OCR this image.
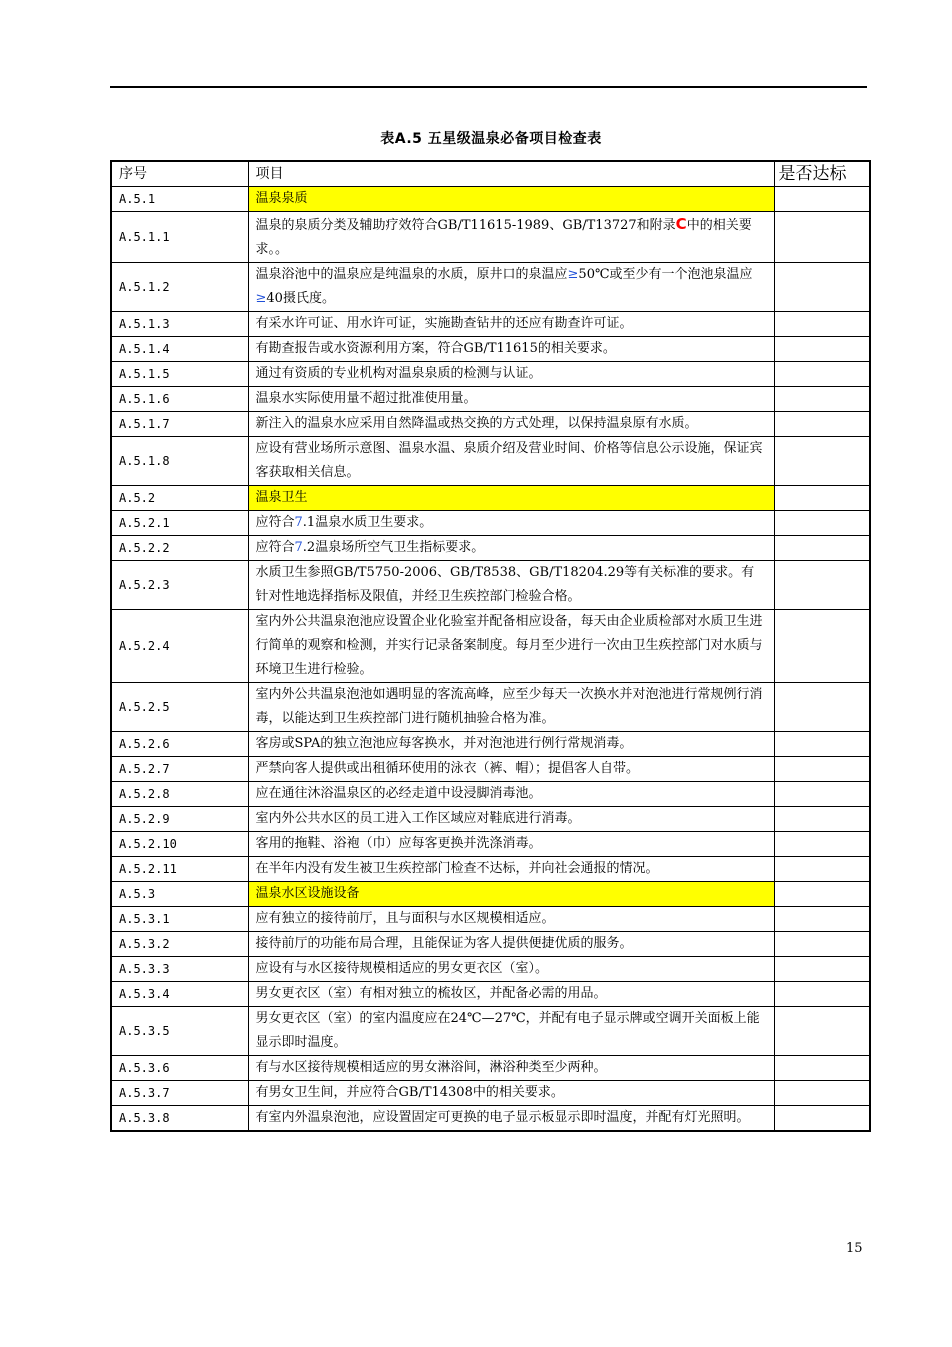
表A.5 五星级温泉必备项目检查表
序号	项目	是否达标
A.5.1	温泉泉质	

A.5.1.1	温泉的泉质分类及辅助疗效符合GB/T11615-1989、GB/T13727和附录C中的相关要求。。	
A.5.1.2	温泉浴池中的温泉应是纯温泉的水质，原井口的泉温应≥50℃或至少有一个泡池泉温应≥40摄氏度。	
A.5.1.3	有采水许可证、用水许可证，实施勘查钻井的还应有勘查许可证。	
A.5.1.4	有勘查报告或水资源利用方案，符合GB/T11615的相关要求。	
A.5.1.5	通过有资质的专业机构对温泉泉质的检测与认证。	
A.5.1.6	温泉水实际使用量不超过批准使用量。	
A.5.1.7	新注入的温泉水应采用自然降温或热交换的方式处理，以保持温泉原有水质。	
A.5.1.8	应设有营业场所示意图、温泉水温、泉质介绍及营业时间、价格等信息公示设施，保证宾客获取相关信息。	
A.5.2	温泉卫生	

A.5.2.1	应符合7.1温泉水质卫生要求。	
A.5.2.2	应符合7.2温泉场所空气卫生指标要求。	
A.5.2.3	水质卫生参照GB/T5750-2006、GB/T8538、GB/T18204.29等有关标准的要求。有针对性地选择指标及限值，并经卫生疾控部门检验合格。	
A.5.2.4	室内外公共温泉泡池应设置企业化验室并配备相应设备，每天由企业质检部对水质卫生进行简单的观察和检测，并实行记录备案制度。每月至少进行一次由卫生疾控部门对水质与环境卫生进行检验。	
A.5.2.5	室内外公共温泉泡池如遇明显的客流高峰，应至少每天一次换水并对泡池进行常规例行消毒，以能达到卫生疾控部门进行随机抽验合格为准。	
A.5.2.6	客房或SPA的独立泡池应每客换水，并对泡池进行例行常规消毒。	
A.5.2.7	严禁向客人提供或出租循环使用的泳衣（裤、帽）；提倡客人自带。	
A.5.2.8	应在通往沐浴温泉区的必经走道中设浸脚消毒池。	
A.5.2.9	室内外公共水区的员工进入工作区域应对鞋底进行消毒。	
A.5.2.10	客用的拖鞋、浴袍（巾）应每客更换并洗涤消毒。	
A.5.2.11	在半年内没有发生被卫生疾控部门检查不达标，并向社会通报的情况。	
A.5.3	温泉水区设施设备	

A.5.3.1	应有独立的接待前厅，且与面积与水区规模相适应。	
A.5.3.2	接待前厅的功能布局合理，且能保证为客人提供便捷优质的服务。	
A.5.3.3	应设有与水区接待规模相适应的男女更衣区（室）。	
A.5.3.4	男女更衣区（室）有相对独立的梳妆区，并配备必需的用品。	
A.5.3.5	男女更衣区（室）的室内温度应在24℃—27℃，并配有电子显示牌或空调开关面板上能显示即时温度。	
A.5.3.6	有与水区接待规模相适应的男女淋浴间，淋浴种类至少两种。	
A.5.3.7	有男女卫生间，并应符合GB/T14308中的相关要求。	
A.5.3.8	有室内外温泉泡池，应设置固定可更换的电子显示板显示即时温度，并配有灯光照明。	
15
